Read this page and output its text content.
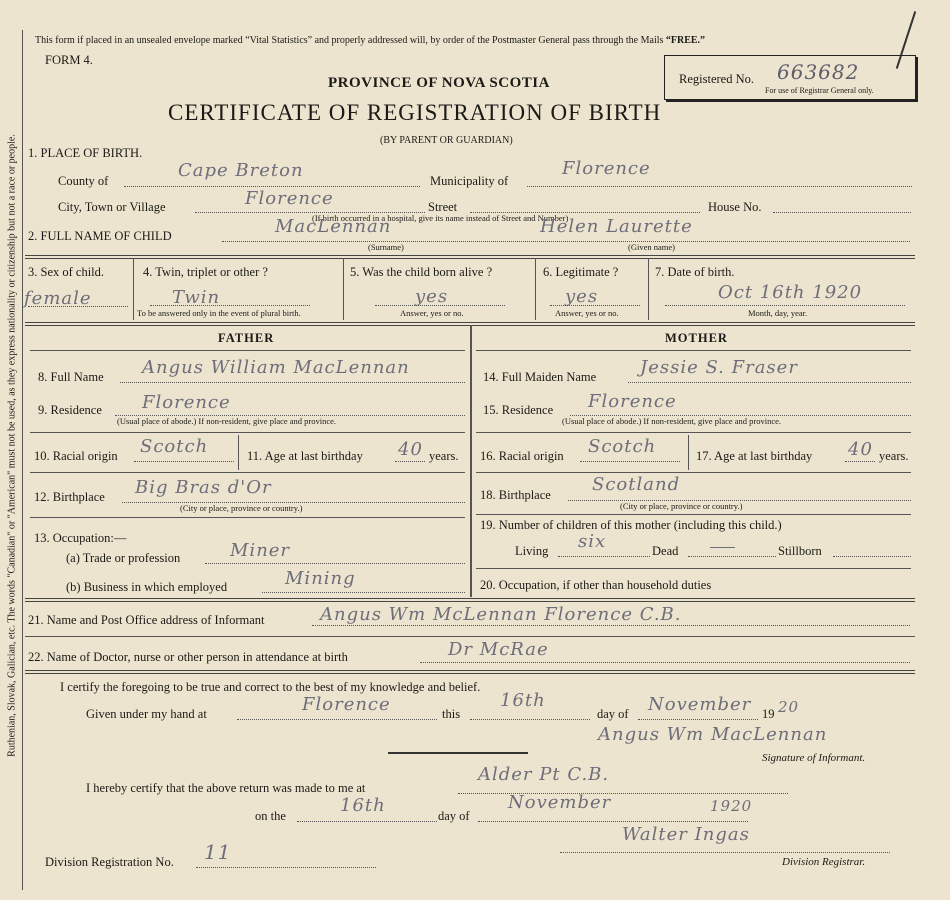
Ruthenian, Slovak, Galician, etc. The words "Canadian" or "American" must not be used, as they express nationality or citizenship but not a race or people.
This form if placed in an unsealed envelope marked “Vital Statistics” and properly addressed will, by order of the Postmaster General pass through the Mails “FREE.”
FORM 4.
PROVINCE OF NOVA SCOTIA
CERTIFICATE OF REGISTRATION OF BIRTH
(BY PARENT OR GUARDIAN)
Registered No. 663682
For use of Registrar General only.
1. PLACE OF BIRTH.
County of	Cape Breton	Municipality of
Florence
City, Town or Village	Florence	Street	House No.
(If birth occurred in a hospital, give its name instead of Street and Number)
2. FULL NAME OF CHILD	MacLennan	Helen Laurette
(Surname)	(Given name)
3. Sex of child.
female
4. Twin, triplet or other ?
Twin
To be answered only in the event of plural birth.
5. Was the child born alive ?
yes
Answer, yes or no.
6. Legitimate ?
yes
Answer, yes or no.
7. Date of birth.
Oct 16th 1920
Month, day, year.
FATHER	MOTHER
8. Full Name Angus William MacLennan
9. Residence Florence
(Usual place of abode.) If non-resident, give place and province.
10. Racial origin Scotch	11. Age at last birthday 40 years.
12. Birthplace Big Bras d'Or
(City or place, province or country.)
13. Occupation:—
(a) Trade or profession	Miner
(b) Business in which employed	Mining
14. Full Maiden Name Jessie S. Fraser
15. Residence Florence
(Usual place of abode.) If non-resident, give place and province.
16. Racial origin Scotch	17. Age at last birthday 40 years.
18. Birthplace Scotland
(City or place, province or country.)
19. Number of children of this mother (including this child.)
Living six	Dead	Stillborn
20. Occupation, if other than household duties
21. Name and Post Office address of Informant	Angus Wm McLennan Florence C.B.
22. Name of Doctor, nurse or other person in attendance at birth	Dr McRae
I certify the foregoing to be true and correct to the best of my knowledge and belief.
Given under my hand at	Florence	this
16th
day of November 19 20
Angus Wm MacLennan
Signature of Informant.
I hereby certify that the above return was made to me at
Alder Pt C.B.
on the	16th	day of
November	1920
Walter Ingas
Division Registration No. 11	Division Registrar.
